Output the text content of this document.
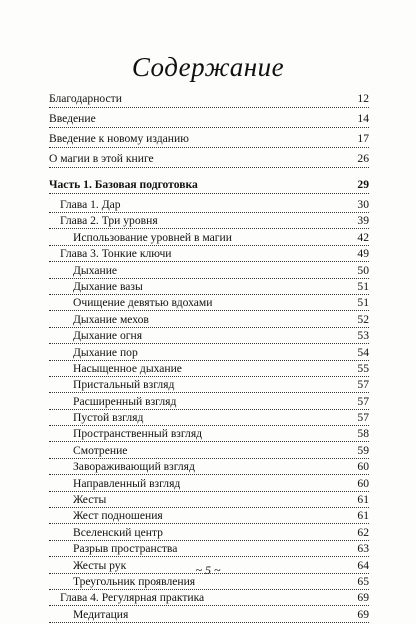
Содержание
Благодарности	12
Введение	14
Введение к новому изданию	17
О магии в этой книге	26
Часть 1. Базовая подготовка	29
Глава 1. Дар	30
Глава 2. Три уровня	39
Использование уровней в магии	42
Глава 3. Тонкие ключи	49
Дыхание	50
Дыхание вазы	51
Очищение девятью вдохами	51
Дыхание мехов	52
Дыхание огня	53
Дыхание пор	54
Насыщенное дыхание	55
Пристальный взгляд	57
Расширенный взгляд	57
Пустой взгляд	57
Пространственный взгляд	58
Смотрение	59
Завораживающий взгляд	60
Направленный взгляд	60
Жесты	61
Жест подношения	61
Вселенский центр	62
Разрыв пространства	63
Жесты рук	64
Треугольник проявления	65
Глава 4. Регулярная практика	69
Медитация	69
~ 5 ~
